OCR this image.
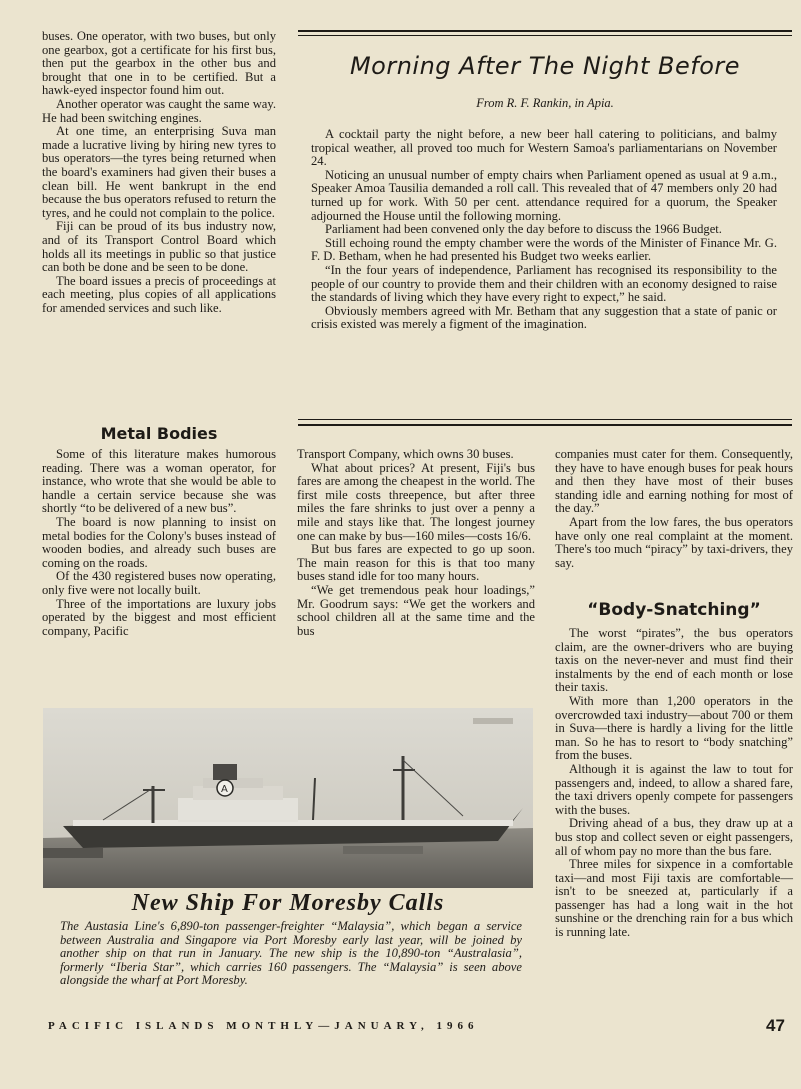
buses. One operator, with two buses, but only one gearbox, got a certificate for his first bus, then put the gearbox in the other bus and brought that one in to be certified. But a hawk-eyed inspector found him out.

Another operator was caught the same way. He had been switching engines.

At one time, an enterprising Suva man made a lucrative living by hiring new tyres to bus operators—the tyres being returned when the board's examiners had given their buses a clean bill. He went bankrupt in the end because the bus operators refused to return the tyres, and he could not complain to the police.

Fiji can be proud of its bus industry now, and of its Transport Control Board which holds all its meetings in public so that justice can both be done and be seen to be done.

The board issues a precis of proceedings at each meeting, plus copies of all applications for amended services and such like.

Morning After The Night Before
From R. F. Rankin, in Apia.

A cocktail party the night before, a new beer hall catering to politicians, and balmy tropical weather, all proved too much for Western Samoa's parliamentarians on November 24.

Noticing an unusual number of empty chairs when Parliament opened as usual at 9 a.m., Speaker Amoa Tausilia demanded a roll call. This revealed that of 47 members only 20 had turned up for work. With 50 per cent. attendance required for a quorum, the Speaker adjourned the House until the following morning.

Parliament had been convened only the day before to discuss the 1966 Budget.

Still echoing round the empty chamber were the words of the Minister of Finance Mr. G. F. D. Betham, when he had presented his Budget two weeks earlier.

“In the four years of independence, Parliament has recognised its responsibility to the people of our country to provide them and their children with an economy designed to raise the standards of living which they have every right to expect,” he said.

Obviously members agreed with Mr. Betham that any suggestion that a state of panic or crisis existed was merely a figment of the imagination.

Metal Bodies

Some of this literature makes humorous reading. There was a woman operator, for instance, who wrote that she would be able to handle a certain service because she was shortly “to be delivered of a new bus”.

The board is now planning to insist on metal bodies for the Colony's buses instead of wooden bodies, and already such buses are coming on the roads.

Of the 430 registered buses now operating, only five were not locally built.

Three of the importations are luxury jobs operated by the biggest and most efficient company, Pacific

Transport Company, which owns 30 buses.

What about prices? At present, Fiji's bus fares are among the cheapest in the world. The first mile costs threepence, but after three miles the fare shrinks to just over a penny a mile and stays like that. The longest journey one can make by bus—160 miles—costs 16/6.

But bus fares are expected to go up soon. The main reason for this is that too many buses stand idle for too many hours.

“We get tremendous peak hour loadings,” Mr. Goodrum says: “We get the workers and school children all at the same time and the bus

companies must cater for them. Consequently, they have to have enough buses for peak hours and then they have most of their buses standing idle and earning nothing for most of the day.”

Apart from the low fares, the bus operators have only one real complaint at the moment. There's too much “piracy” by taxi-drivers, they say.

“Body-Snatching”

The worst “pirates”, the bus operators claim, are the owner-drivers who are buying taxis on the never-never and must find their instalments by the end of each month or lose their taxis.

With more than 1,200 operators in the overcrowded taxi industry—about 700 or them in Suva—there is hardly a living for the little man. So he has to resort to “body snatching” from the buses.

Although it is against the law to tout for passengers and, indeed, to allow a shared fare, the taxi drivers openly compete for passengers with the buses.

Driving ahead of a bus, they draw up at a bus stop and collect seven or eight passengers, all of whom pay no more than the bus fare.

Three miles for sixpence in a comfortable taxi—and most Fiji taxis are comfortable—isn't to be sneezed at, particularly if a passenger has had a long wait in the hot sunshine or the drenching rain for a bus which is running late.

A
New Ship For Moresby Calls
The Austasia Line's 6,890-ton passenger-freighter “Malaysia”, which began a service between Australia and Singapore via Port Moresby early last year, will be joined by another ship on that run in January. The new ship is the 10,890-ton “Australasia”, formerly “Iberia Star”, which carries 160 passengers. The “Malaysia” is seen above alongside the wharf at Port Moresby.
PACIFIC ISLANDS MONTHLY—JANUARY, 1966	47
